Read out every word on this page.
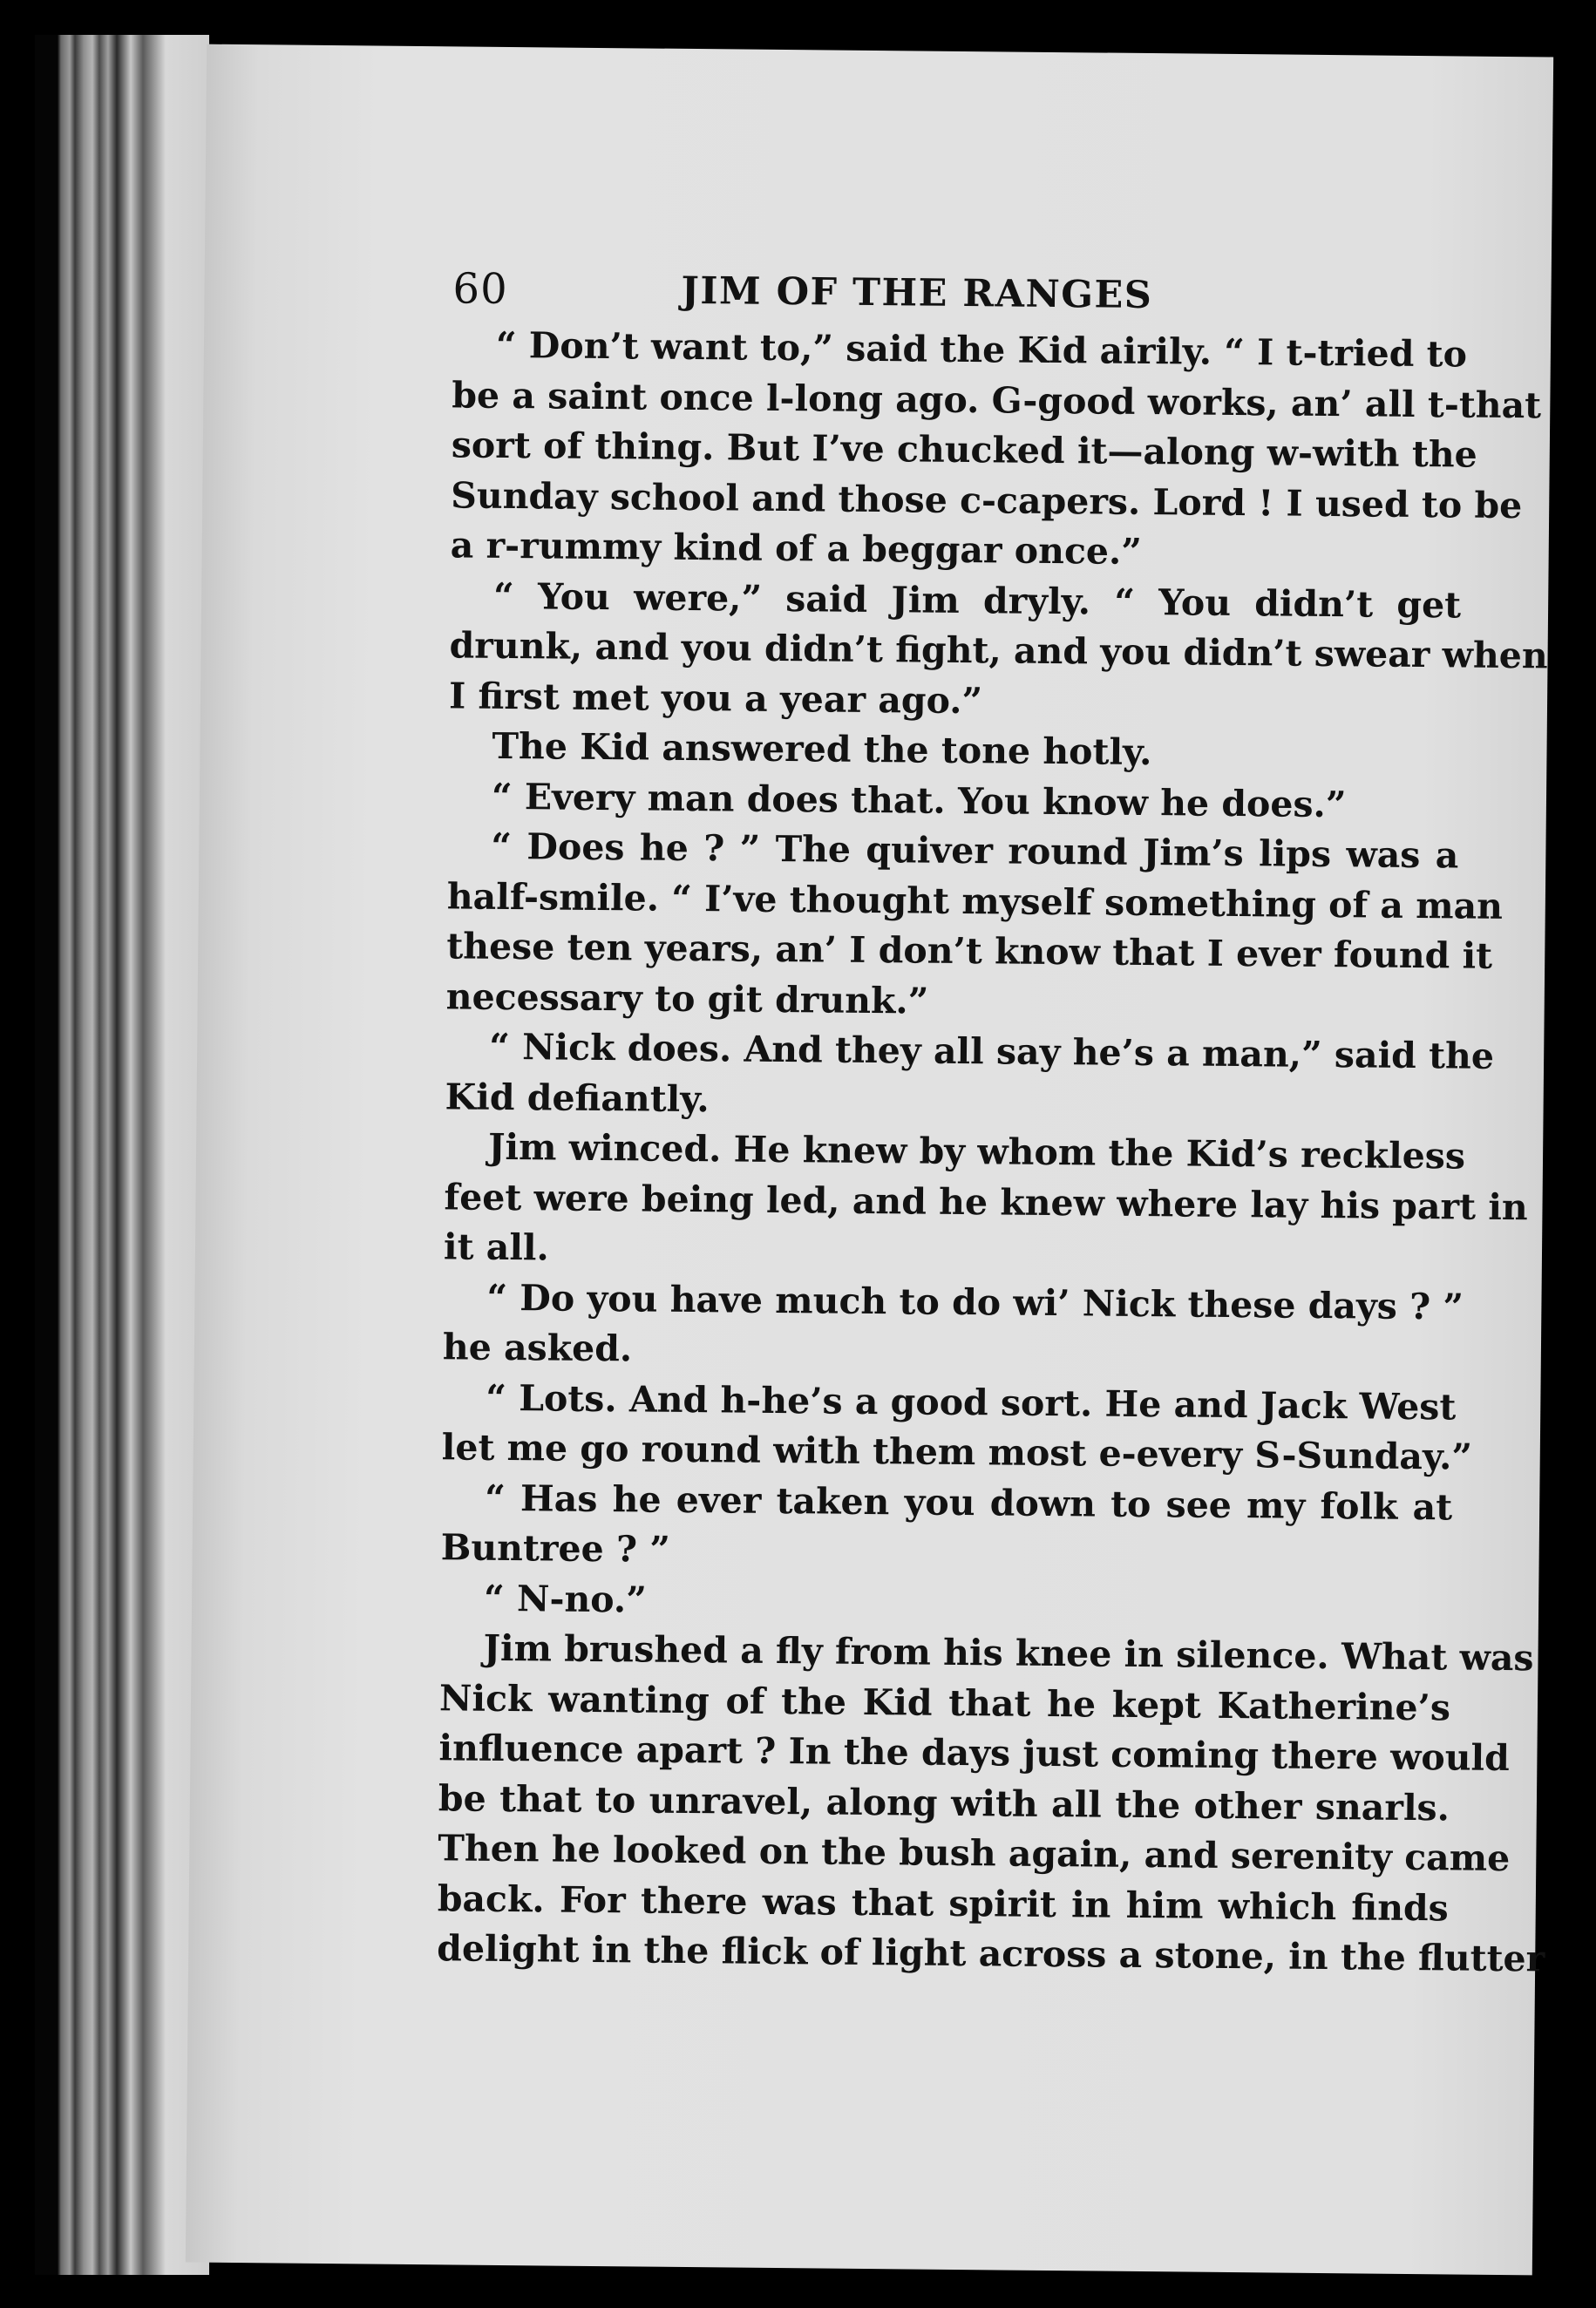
60	JIM OF THE RANGES
“ Don’t want to,” said the Kid airily. “ I t-tried to
be a saint once l-long ago. G-good works, an’ all t-that
sort of thing. But I’ve chucked it—along w-with the
Sunday school and those c-capers. Lord ! I used to be
a r-rummy kind of a beggar once.”
“ You were,” said Jim dryly. “ You didn’t get
drunk, and you didn’t fight, and you didn’t swear when
I first met you a year ago.”
The Kid answered the tone hotly.
“ Every man does that. You know he does.”
“ Does he ? ” The quiver round Jim’s lips was a
half-smile. “ I’ve thought myself something of a man
these ten years, an’ I don’t know that I ever found it
necessary to git drunk.”
“ Nick does. And they all say he’s a man,” said the
Kid defiantly.
Jim winced. He knew by whom the Kid’s reckless
feet were being led, and he knew where lay his part in
it all.
“ Do you have much to do wi’ Nick these days ? ”
he asked.
“ Lots. And h-he’s a good sort. He and Jack West
let me go round with them most e-every S-Sunday.”
“ Has he ever taken you down to see my folk at
Buntree ? ”
“ N-no.”
Jim brushed a fly from his knee in silence. What was
Nick wanting of the Kid that he kept Katherine’s
influence apart ? In the days just coming there would
be that to unravel, along with all the other snarls.
Then he looked on the bush again, and serenity came
back. For there was that spirit in him which finds
delight in the flick of light across a stone, in the flutter
